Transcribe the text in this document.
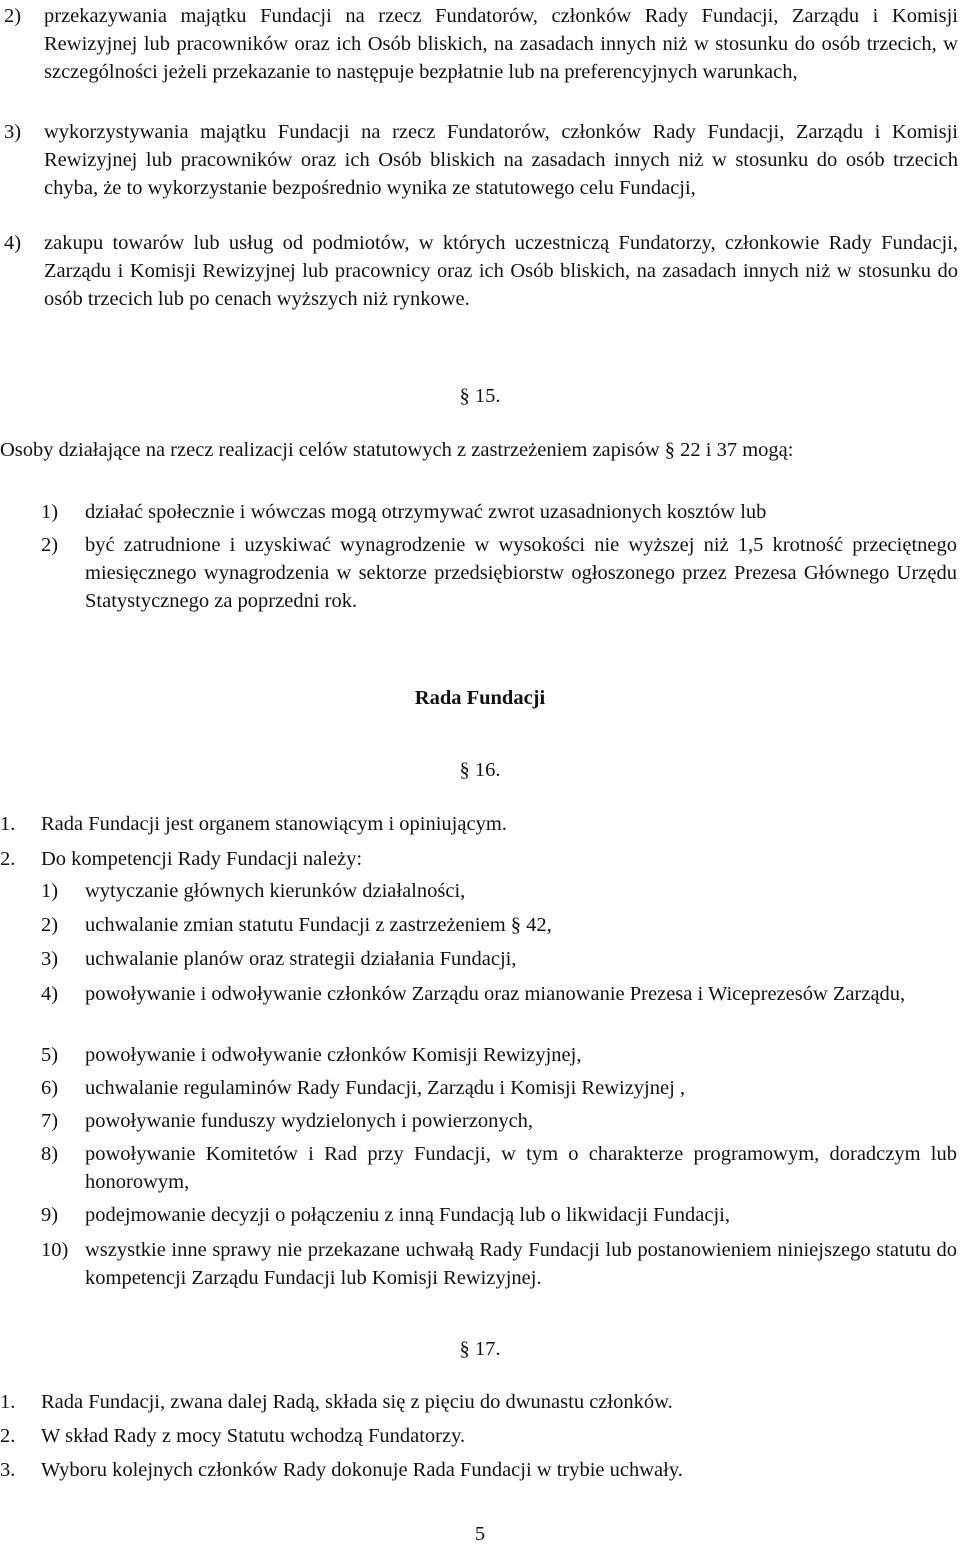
2)	przekazywania majątku Fundacji na rzecz Fundatorów, członków Rady Fundacji, Zarządu i Komisji Rewizyjnej lub pracowników oraz ich Osób bliskich, na zasadach innych niż w stosunku do osób trzecich, w szczególności jeżeli przekazanie to następuje bezpłatnie lub na preferencyjnych warunkach,
3)	wykorzystywania majątku Fundacji na rzecz Fundatorów, członków Rady Fundacji, Zarządu i Komisji Rewizyjnej lub pracowników oraz ich Osób bliskich na zasadach innych niż w stosunku do osób trzecich chyba, że to wykorzystanie bezpośrednio wynika ze statutowego celu Fundacji,
4)	zakupu towarów lub usług od podmiotów, w których uczestniczą Fundatorzy, członkowie Rady Fundacji, Zarządu i Komisji Rewizyjnej lub pracownicy oraz ich Osób bliskich, na zasadach innych niż w stosunku do osób trzecich lub po cenach wyższych niż rynkowe.
§ 15.
Osoby działające na rzecz realizacji celów statutowych z zastrzeżeniem zapisów § 22 i 37 mogą:
1)	działać społecznie i wówczas mogą otrzymywać zwrot uzasadnionych kosztów lub
2)	być zatrudnione i uzyskiwać wynagrodzenie w wysokości nie wyższej niż 1,5 krotność przeciętnego miesięcznego wynagrodzenia w sektorze przedsiębiorstw ogłoszonego przez Prezesa Głównego Urzędu Statystycznego za poprzedni rok.
Rada Fundacji
§ 16.
1.	Rada Fundacji jest organem stanowiącym i opiniującym.
2.	Do kompetencji Rady Fundacji należy:
1)	wytyczanie głównych kierunków działalności,
2)	uchwalanie zmian statutu Fundacji z zastrzeżeniem § 42,
3)	uchwalanie planów oraz strategii działania Fundacji,
4)	powoływanie i odwoływanie członków Zarządu oraz mianowanie Prezesa i Wiceprezesów Zarządu,
5)	powoływanie i odwoływanie członków Komisji Rewizyjnej,
6)	uchwalanie regulaminów Rady Fundacji, Zarządu i Komisji Rewizyjnej ,
7)	powoływanie funduszy wydzielonych i powierzonych,
8)	powoływanie Komitetów i Rad przy Fundacji, w tym o charakterze programowym, doradczym lub honorowym,
9)	podejmowanie decyzji o połączeniu z inną Fundacją lub o likwidacji Fundacji,
10) wszystkie inne sprawy nie przekazane uchwałą Rady Fundacji lub postanowieniem niniejszego statutu do kompetencji Zarządu Fundacji lub Komisji Rewizyjnej.
§ 17.
1.	Rada Fundacji, zwana dalej Radą, składa się z pięciu do dwunastu członków.
2.	W skład Rady z mocy Statutu wchodzą Fundatorzy.
3.	Wyboru kolejnych członków Rady dokonuje Rada Fundacji w trybie uchwały.
5
